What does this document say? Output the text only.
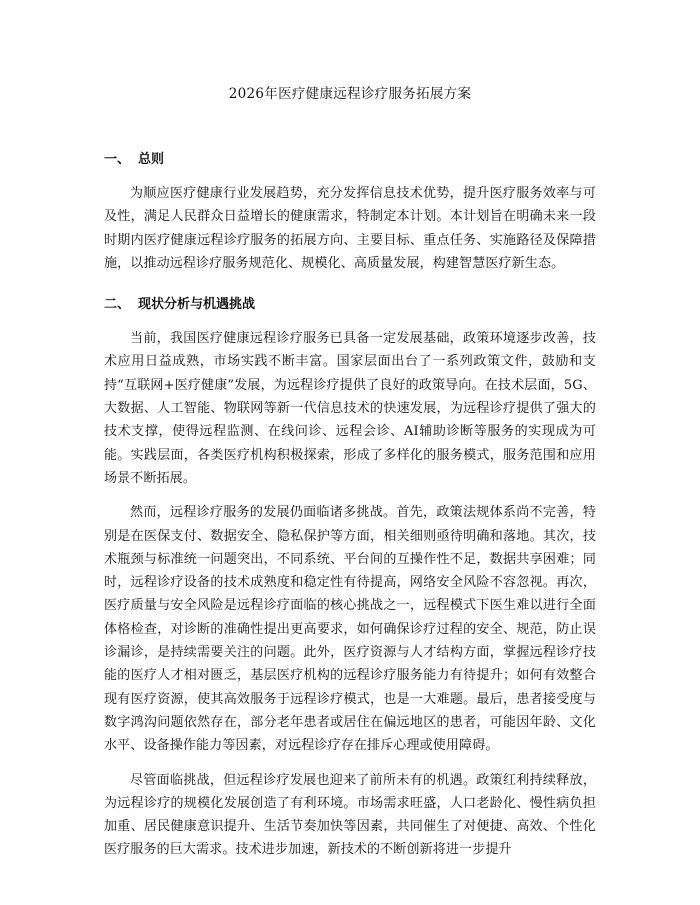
2026年医疗健康远程诊疗服务拓展方案
一、 总则

为顺应医疗健康行业发展趋势，充分发挥信息技术优势，提升医疗服务效率与可及性，满足人民群众日益增长的健康需求，特制定本计划。本计划旨在明确未来一段时期内医疗健康远程诊疗服务的拓展方向、主要目标、重点任务、实施路径及保障措施，以推动远程诊疗服务规范化、规模化、高质量发展，构建智慧医疗新生态。

二、 现状分析与机遇挑战

当前，我国医疗健康远程诊疗服务已具备一定发展基础，政策环境逐步改善，技术应用日益成熟，市场实践不断丰富。国家层面出台了一系列政策文件，鼓励和支持“互联网+医疗健康”发展，为远程诊疗提供了良好的政策导向。在技术层面，5G、大数据、人工智能、物联网等新一代信息技术的快速发展，为远程诊疗提供了强大的技术支撑，使得远程监测、在线问诊、远程会诊、AI辅助诊断等服务的实现成为可能。实践层面，各类医疗机构积极探索，形成了多样化的服务模式，服务范围和应用场景不断拓展。

然而，远程诊疗服务的发展仍面临诸多挑战。首先，政策法规体系尚不完善，特别是在医保支付、数据安全、隐私保护等方面，相关细则亟待明确和落地。其次，技术瓶颈与标准统一问题突出，不同系统、平台间的互操作性不足，数据共享困难；同时，远程诊疗设备的技术成熟度和稳定性有待提高，网络安全风险不容忽视。再次，医疗质量与安全风险是远程诊疗面临的核心挑战之一，远程模式下医生难以进行全面体格检查，对诊断的准确性提出更高要求，如何确保诊疗过程的安全、规范，防止误诊漏诊，是持续需要关注的问题。此外，医疗资源与人才结构方面，掌握远程诊疗技能的医疗人才相对匮乏，基层医疗机构的远程诊疗服务能力有待提升；如何有效整合现有医疗资源，使其高效服务于远程诊疗模式，也是一大难题。最后，患者接受度与数字鸿沟问题依然存在，部分老年患者或居住在偏远地区的患者，可能因年龄、文化水平、设备操作能力等因素，对远程诊疗存在排斥心理或使用障碍。

尽管面临挑战，但远程诊疗发展也迎来了前所未有的机遇。政策红利持续释放，为远程诊疗的规模化发展创造了有利环境。市场需求旺盛，人口老龄化、慢性病负担加重、居民健康意识提升、生活节奏加快等因素，共同催生了对便捷、高效、个性化医疗服务的巨大需求。技术进步加速，新技术的不断创新将进一步提升
